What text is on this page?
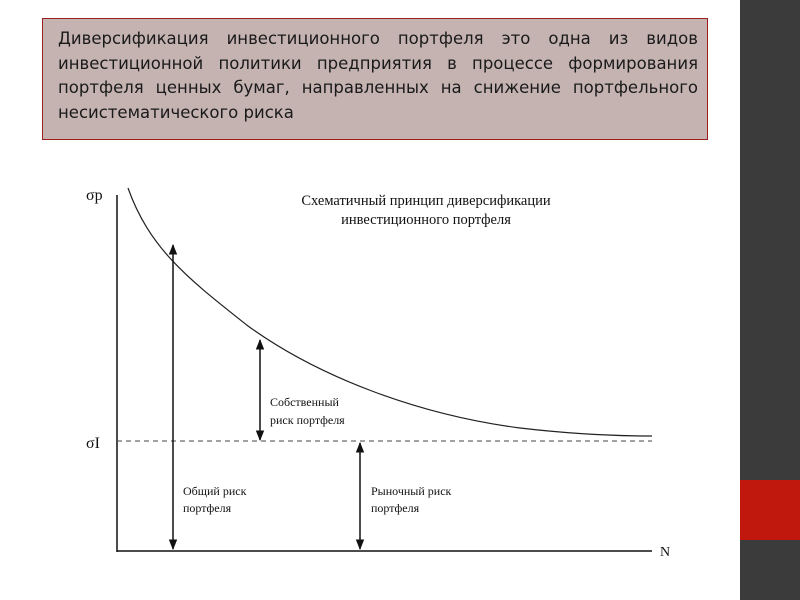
Диверсификация инвестиционного портфеля это одна из видов инвестиционной политики предприятия в процессе формирования портфеля ценных бумаг, направленных на снижение портфельного несистематического риска

σp
σI
N
Схематичный принцип диверсификации
инвестиционного портфеля
Собственный
риск портфеля
Общий риск
портфеля
Рыночный риск
портфеля
